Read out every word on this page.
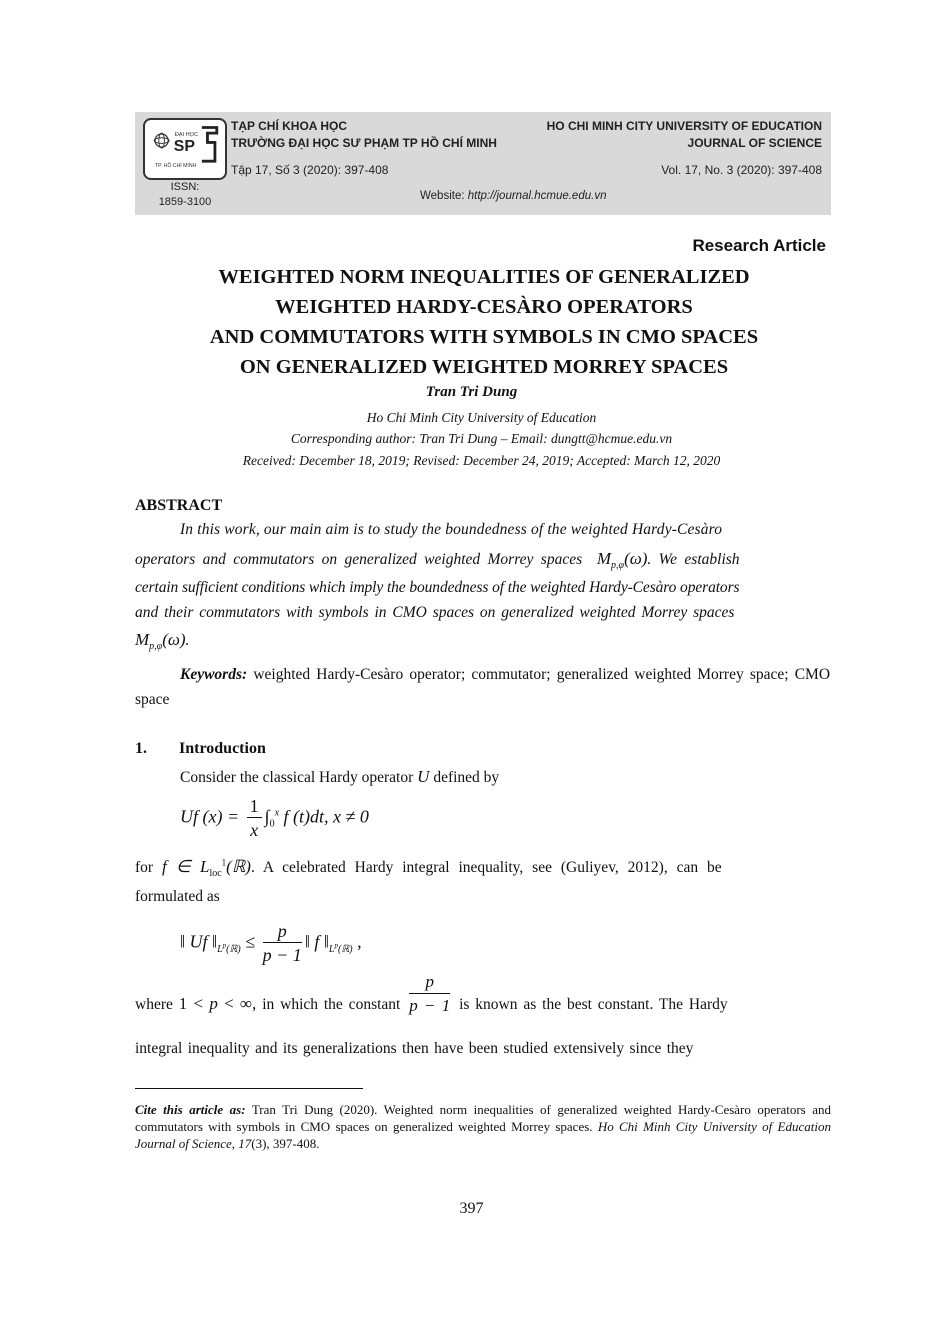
ĐẠI HỌC
SP
TP. HỒ CHÍ MINH
TẠP CHÍ KHOA HỌC
TRƯỜNG ĐẠI HỌC SƯ PHẠM TP HỒ CHÍ MINH
Tập 17, Số 3 (2020): 397-408
HO CHI MINH CITY UNIVERSITY OF EDUCATION
JOURNAL OF SCIENCE
Vol. 17, No. 3 (2020): 397-408
ISSN:
1859-3100	Website: http://journal.hcmue.edu.vn
Research Article
WEIGHTED NORM INEQUALITIES OF GENERALIZED
WEIGHTED HARDY-CESÀRO OPERATORS
AND COMMUTATORS WITH SYMBOLS IN CMO SPACES
ON GENERALIZED WEIGHTED MORREY SPACES
Tran Tri Dung
Ho Chi Minh City University of Education
Corresponding author: Tran Tri Dung – Email: dungtt@hcmue.edu.vn
Received: December 18, 2019; Revised: December 24, 2019; Accepted: March 12, 2020
ABSTRACT
In this work, our main aim is to study the boundedness of the weighted Hardy-Cesàro
operators and commutators on generalized weighted Morrey spaces $M_{p,\varphi}(\omega)$. We establish
certain sufficient conditions which imply the boundedness of the weighted Hardy-Cesàro operators
and their commutators with symbols in CMO spaces on generalized weighted Morrey spaces
$M_{p,\varphi}(\omega)$.
Keywords: weighted Hardy-Cesàro operator; commutator; generalized weighted Morrey space; CMO space
1. Introduction
Consider the classical Hardy operator U defined by
Uf $(x) = \frac{1}{x} \int_0^x$ f (t)dt, x ≠ 0
for f ∈ $L_{loc}^1(ℝ)$. A celebrated Hardy integral inequality, see (Guliyev, 2012), can be
formulated as
‖ Uf $‖_{L^p(ℝ)} \le \frac{p}{p - 1}$ ‖ f $‖_{L^p(ℝ)}$ ,
where 1 < p < ∞, in which the constant $\frac{p}{p - 1}$ is known as the best constant. The Hardy
integral inequality and its generalizations then have been studied extensively since they
Cite this article as: Tran Tri Dung (2020). Weighted norm inequalities of generalized weighted Hardy-Cesàro operators and commutators with symbols in CMO spaces on generalized weighted Morrey spaces. Ho Chi Minh City University of Education Journal of Science, 17(3), 397-408.
397
